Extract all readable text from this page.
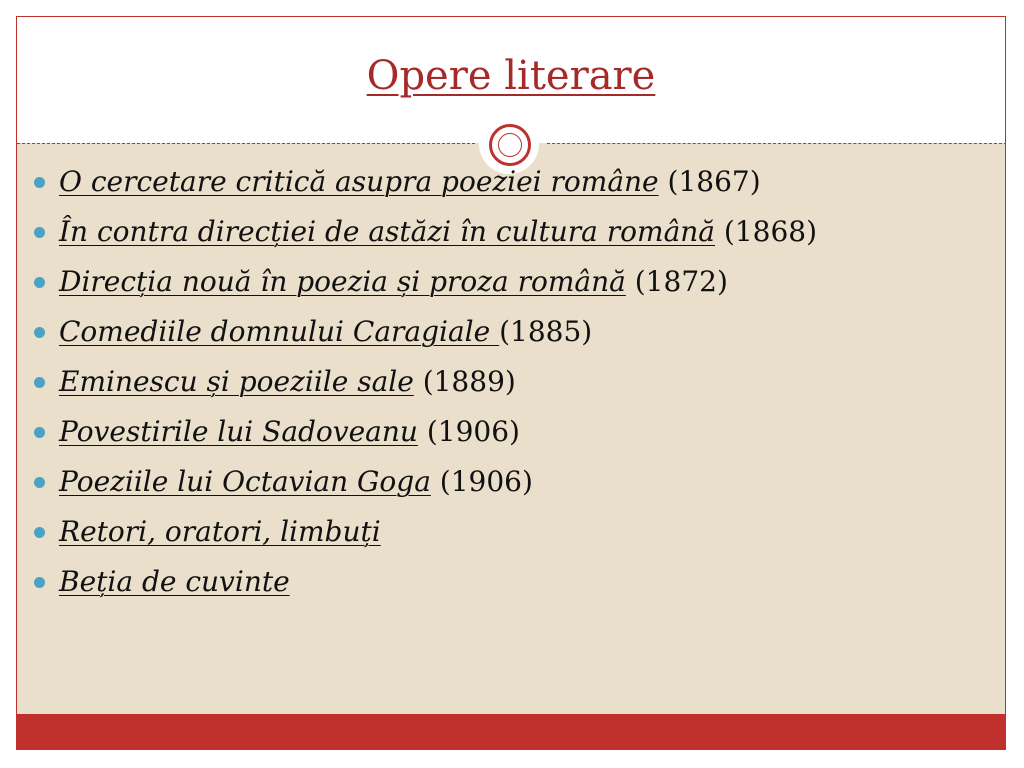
Opere literare
O cercetare critică asupra poeziei române (1867)
În contra direcției de astăzi în cultura română (1868)
Direcția nouă în poezia și proza română (1872)
Comediile domnului Caragiale (1885)
Eminescu și poeziile sale (1889)
Povestirile lui Sadoveanu (1906)
Poeziile lui Octavian Goga (1906)
Retori, oratori, limbuți
Beția de cuvinte
